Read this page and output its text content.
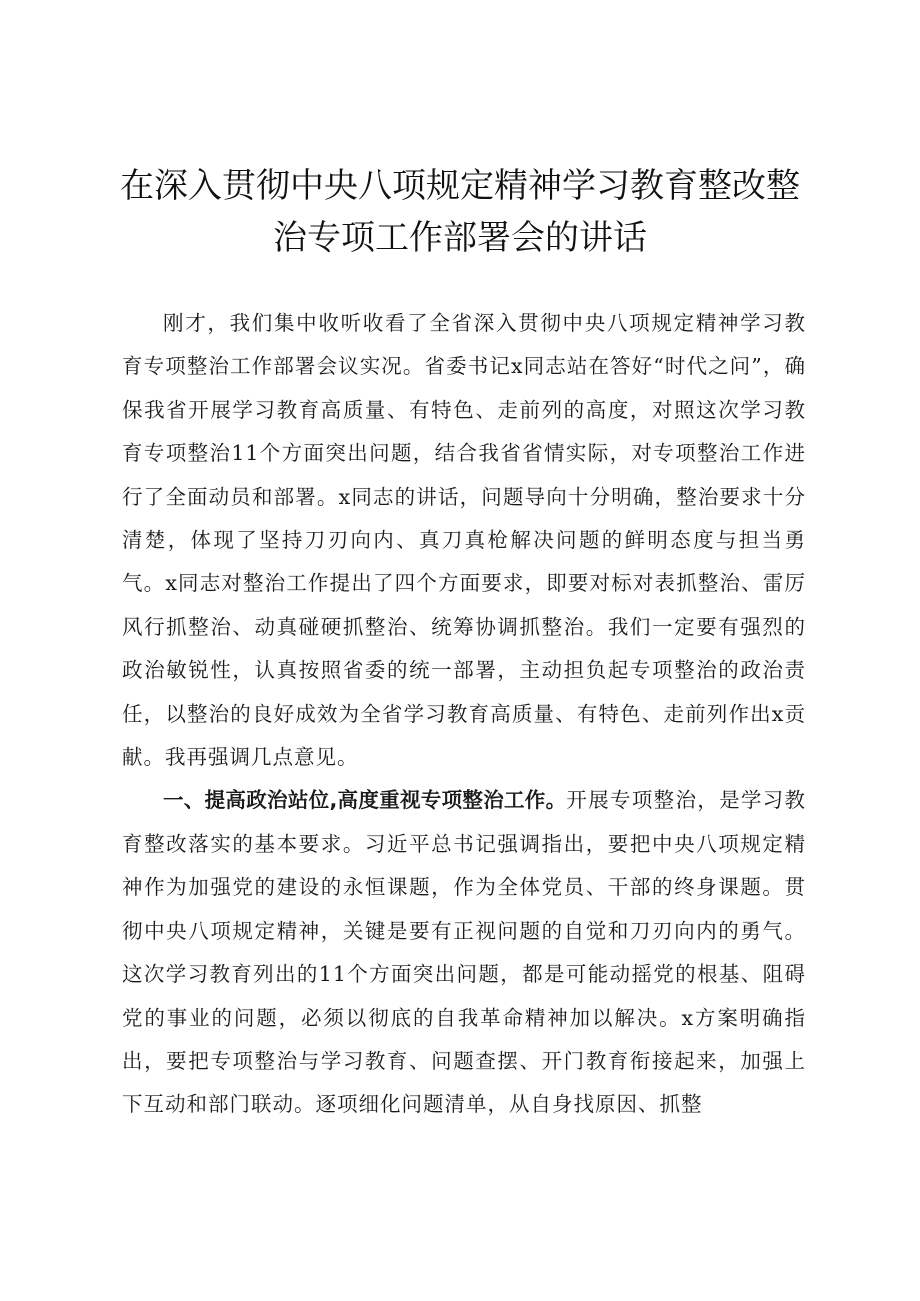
在深入贯彻中央八项规定精神学习教育整改整
治专项工作部署会的讲话

刚才，我们集中收听收看了全省深入贯彻中央八项规定精神学习教育专项整治工作部署会议实况。省委书记x同志站在答好“时代之问”，确保我省开展学习教育高质量、有特色、走前列的高度，对照这次学习教育专项整治11个方面突出问题，结合我省省情实际，对专项整治工作进行了全面动员和部署。x同志的讲话，问题导向十分明确，整治要求十分清楚，体现了坚持刀刃向内、真刀真枪解决问题的鲜明态度与担当勇气。x同志对整治工作提出了四个方面要求，即要对标对表抓整治、雷厉风行抓整治、动真碰硬抓整治、统筹协调抓整治。我们一定要有强烈的政治敏锐性，认真按照省委的统一部署，主动担负起专项整治的政治责任，以整治的良好成效为全省学习教育高质量、有特色、走前列作出x贡献。我再强调几点意见。

一、提高政治站位,高度重视专项整治工作。开展专项整治，是学习教育整改落实的基本要求。习近平总书记强调指出，要把中央八项规定精神作为加强党的建设的永恒课题，作为全体党员、干部的终身课题。贯彻中央八项规定精神，关键是要有正视问题的自觉和刀刃向内的勇气。这次学习教育列出的11个方面突出问题，都是可能动摇党的根基、阻碍党的事业的问题，必须以彻底的自我革命精神加以解决。x方案明确指出，要把专项整治与学习教育、问题查摆、开门教育衔接起来，加强上下互动和部门联动。逐项细化问题清单，从自身找原因、抓整
